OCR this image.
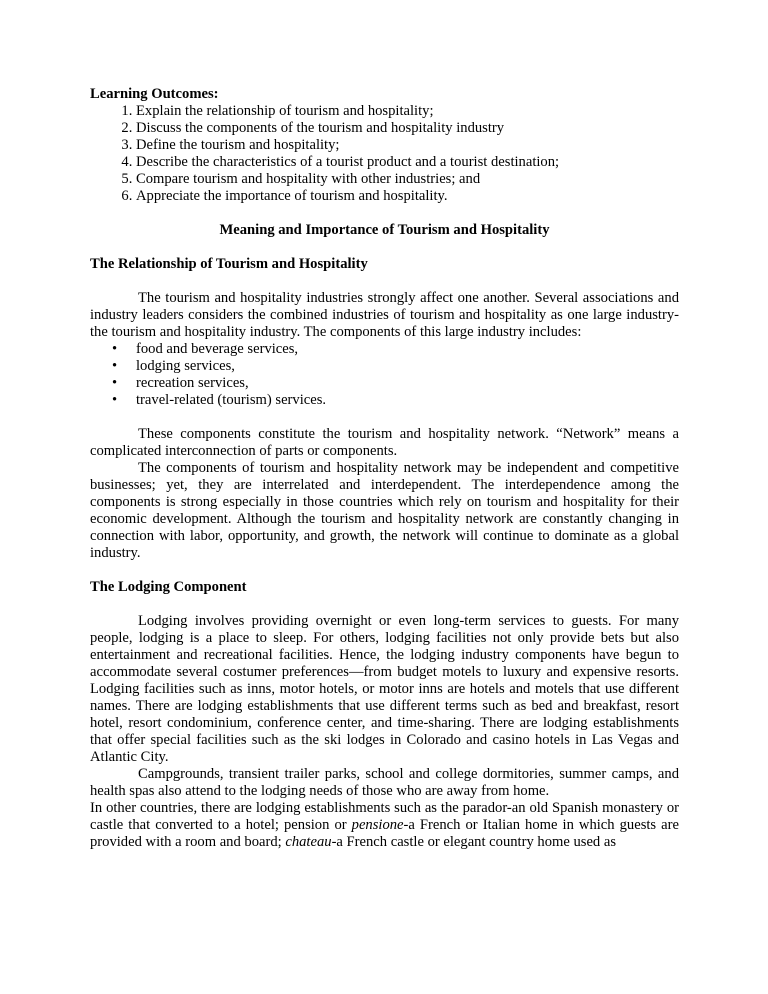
Learning Outcomes:
1. Explain the relationship of tourism and hospitality;
2. Discuss the components of the tourism and hospitality industry
3. Define the tourism and hospitality;
4. Describe the characteristics of a tourist product and a tourist destination;
5. Compare tourism and hospitality with other industries; and
6. Appreciate the importance of tourism and hospitality.
Meaning and Importance of Tourism and Hospitality
The Relationship of Tourism and Hospitality

The tourism and hospitality industries strongly affect one another. Several associations and industry leaders considers the combined industries of tourism and hospitality as one large industry-the tourism and hospitality industry. The components of this large industry includes:

• food and beverage services,
• lodging services,
• recreation services,
• travel-related (tourism) services.

These components constitute the tourism and hospitality network. “Network” means a complicated interconnection of parts or components.

The components of tourism and hospitality network may be independent and competitive businesses; yet, they are interrelated and interdependent. The interdependence among the components is strong especially in those countries which rely on tourism and hospitality for their economic development. Although the tourism and hospitality network are constantly changing in connection with labor, opportunity, and growth, the network will continue to dominate as a global industry.

The Lodging Component

Lodging involves providing overnight or even long-term services to guests. For many people, lodging is a place to sleep. For others, lodging facilities not only provide bets but also entertainment and recreational facilities. Hence, the lodging industry components have begun to accommodate several costumer preferences—from budget motels to luxury and expensive resorts. Lodging facilities such as inns, motor hotels, or motor inns are hotels and motels that use different names. There are lodging establishments that use different terms such as bed and breakfast, resort hotel, resort condominium, conference center, and time-sharing. There are lodging establishments that offer special facilities such as the ski lodges in Colorado and casino hotels in Las Vegas and Atlantic City.

Campgrounds, transient trailer parks, school and college dormitories, summer camps, and health spas also attend to the lodging needs of those who are away from home.

In other countries, there are lodging establishments such as the parador-an old Spanish monastery or castle that converted to a hotel; pension or pensione-a French or Italian home in which guests are provided with a room and board; chateau-a French castle or elegant country home used as
